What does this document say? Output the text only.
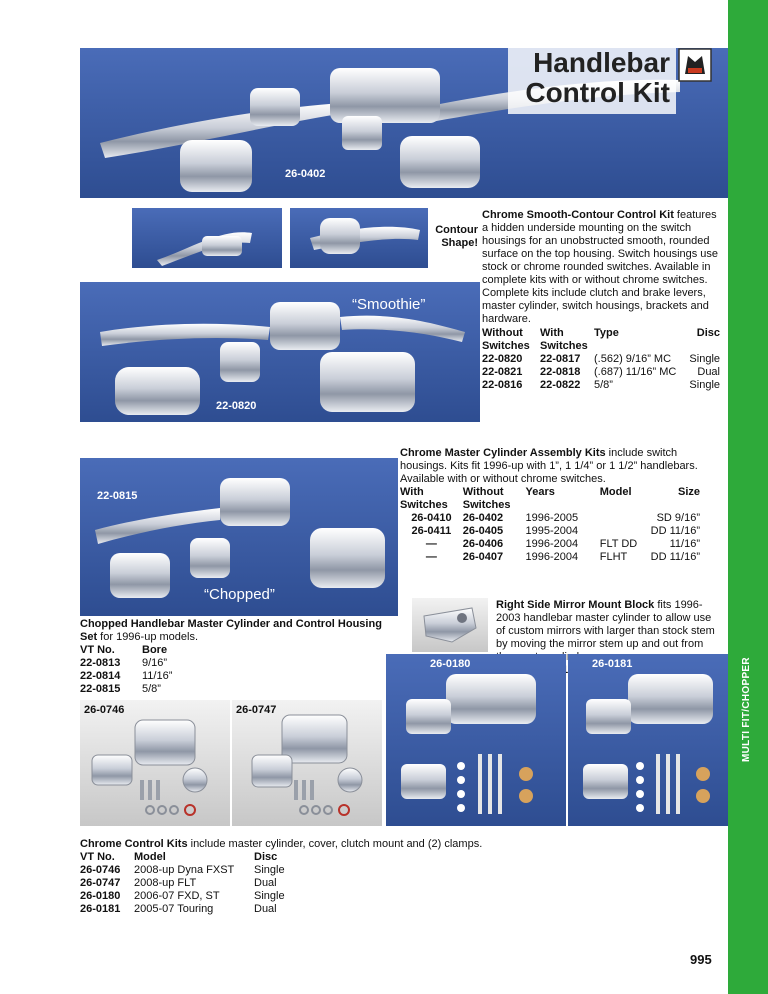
MULTI FIT/CHOPPER
26-0402
Handlebar
Control Kit
Contour
Shape!
“Smoothie”
22-0820

Chrome Smooth-Contour Control Kit features a hidden underside mounting on the switch housings for an unobstructed smooth, rounded surface on the top housing. Switch housings use stock or chrome rounded switches. Available in complete kits with or without chrome switches. Complete kits include clutch and brake levers, master cylinder, switch housings, brackets and hardware.

Without	With	Type	Disc
Switches	Switches		
22-0820	22-0817	(.562) 9/16” MC	Single
22-0821	22-0818	(.687) 11/16” MC	Dual
22-0816	22-0822	5/8”	Single
22-0815
“Chopped”

Chrome Master Cylinder Assembly Kits include switch housings. Kits fit 1996-up with 1”, 1 1/4” or 1 1/2” handlebars. Available with or without chrome switches.

With	Without	Years	Model	Size
Switches	Switches			
26-0410	26-0402	1996-2005		SD 9/16”
26-0411	26-0405	1995-2004		DD 11/16”
—	26-0406	1996-2004	FLT DD	11/16”
—	26-0407	1996-2004	FLHT	DD 11/16”

Right Side Mirror Mount Block fits 1996-2003 handlebar master cylinder to allow use of custom mirrors with larger than stock stem by moving the mirror stem up and out from

Chopped Handlebar Master Cylinder and Control Housing Set for 1996-up models.

VT No.	Bore
22-0813	9/16”
22-0814	11/16”
22-0815	5/8”
26-0746	26-0747
26-0180	26-0181

Chrome Control Kits include master cylinder, cover, clutch mount and (2) clamps.

VT No.	Model	Disc
26-0746	2008-up Dyna FXST	Single
26-0747	2008-up FLT	Dual
26-0180	2006-07 FXD, ST	Single
26-0181	2005-07 Touring	Dual
995
